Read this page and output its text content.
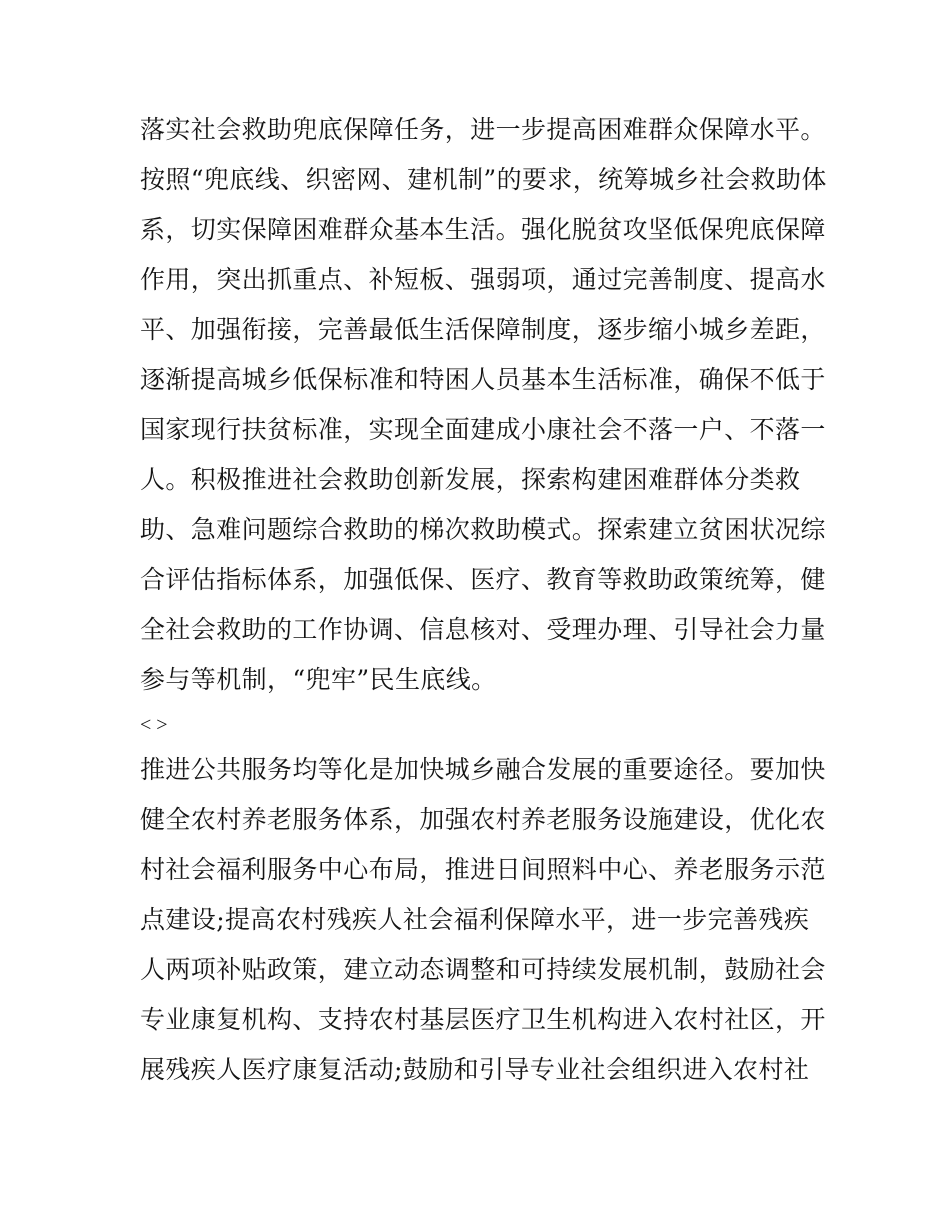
落实社会救助兜底保障任务，进一步提高困难群众保障水平。
按照“兜底线、织密网、建机制”的要求，统筹城乡社会救助体
系，切实保障困难群众基本生活。强化脱贫攻坚低保兜底保障
作用，突出抓重点、补短板、强弱项，通过完善制度、提高水
平、加强衔接，完善最低生活保障制度，逐步缩小城乡差距，
逐渐提高城乡低保标准和特困人员基本生活标准，确保不低于
国家现行扶贫标准，实现全面建成小康社会不落一户、不落一
人。积极推进社会救助创新发展，探索构建困难群体分类救
助、急难问题综合救助的梯次救助模式。探索建立贫困状况综
合评估指标体系，加强低保、医疗、教育等救助政策统筹，健
全社会救助的工作协调、信息核对、受理办理、引导社会力量
参与等机制，“兜牢”民生底线。
< >
推进公共服务均等化是加快城乡融合发展的重要途径。要加快
健全农村养老服务体系，加强农村养老服务设施建设，优化农
村社会福利服务中心布局，推进日间照料中心、养老服务示范
点建设;提高农村残疾人社会福利保障水平，进一步完善残疾
人两项补贴政策，建立动态调整和可持续发展机制，鼓励社会
专业康复机构、支持农村基层医疗卫生机构进入农村社区，开
展残疾人医疗康复活动;鼓励和引导专业社会组织进入农村社
